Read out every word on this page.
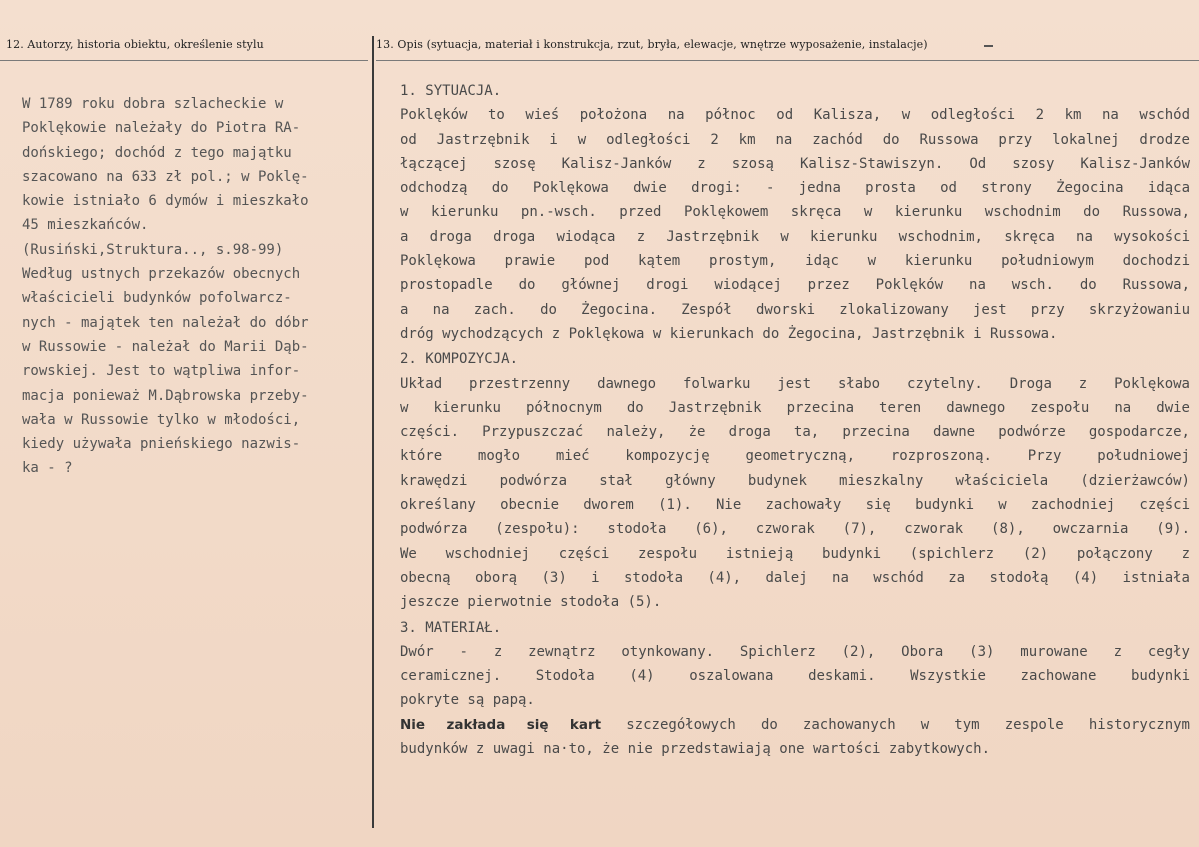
12. Autorzy, historia obiektu, określenie stylu	13. Opis (sytuacja, materiał i konstrukcja, rzut, bryła, elewacje, wnętrze wyposażenie, instalacje)
W 1789 roku dobra szlacheckie w
Poklękowie należały do Piotra RA-
dońskiego; dochód z tego majątku
szacowano na 633 zł pol.; w Poklę-
kowie istniało 6 dymów i mieszkało
45 mieszkańców.
(Rusiński,Struktura.., s.98-99)
Według ustnych przekazów obecnych
właścicieli budynków pofolwarcz-
nych - majątek ten należał do dóbr
w Russowie - należał do Marii Dąb-
rowskiej. Jest to wątpliwa infor-
macja ponieważ M.Dąbrowska przeby-
wała w Russowie tylko w młodości,
kiedy używała pnieńskiego nazwis-
ka - ?
1. SYTUACJA.
Poklęków to wieś położona na północ od Kalisza, w odległości 2 km na wschód
od Jastrzębnik i w odległości 2 km na zachód do Russowa przy lokalnej drodze
łączącej szosę Kalisz-Janków z szosą Kalisz-Stawiszyn. Od szosy Kalisz-Janków
odchodzą do Poklękowa dwie drogi: - jedna prosta od strony Żegocina idąca
w kierunku pn.-wsch. przed Poklękowem skręca w kierunku wschodnim do Russowa,
a droga droga wiodąca z Jastrzębnik w kierunku wschodnim, skręca na wysokości
Poklękowa prawie pod kątem prostym, idąc w kierunku południowym dochodzi
prostopadle do głównej drogi wiodącej przez Poklęków na wsch. do Russowa,
a na zach. do Żegocina. Zespół dworski zlokalizowany jest przy skrzyżowaniu
dróg wychodzących z Poklękowa w kierunkach do Żegocina, Jastrzębnik i Russowa.
2. KOMPOZYCJA.
Układ przestrzenny dawnego folwarku jest słabo czytelny. Droga z Poklękowa
w kierunku północnym do Jastrzębnik przecina teren dawnego zespołu na dwie
części. Przypuszczać należy, że droga ta, przecina dawne podwórze gospodarcze,
które mogło mieć kompozycję geometryczną, rozproszoną. Przy południowej
krawędzi podwórza stał główny budynek mieszkalny właściciela (dzierżawców)
określany obecnie dworem (1). Nie zachowały się budynki w zachodniej części
podwórza (zespołu): stodoła (6), czworak (7), czworak (8), owczarnia (9).
We wschodniej części zespołu istnieją budynki (spichlerz (2) połączony z
obecną oborą (3) i stodoła (4), dalej na wschód za stodołą (4) istniała
jeszcze pierwotnie stodoła (5).
3. MATERIAŁ.
Dwór - z zewnątrz otynkowany. Spichlerz (2), Obora (3) murowane z cegły
ceramicznej. Stodoła (4) oszalowana deskami. Wszystkie zachowane budynki
pokryte są papą.
Nie zakłada się kart szczegółowych do zachowanych w tym zespole historycznym
budynków z uwagi na·to, że nie przedstawiają one wartości zabytkowych.
